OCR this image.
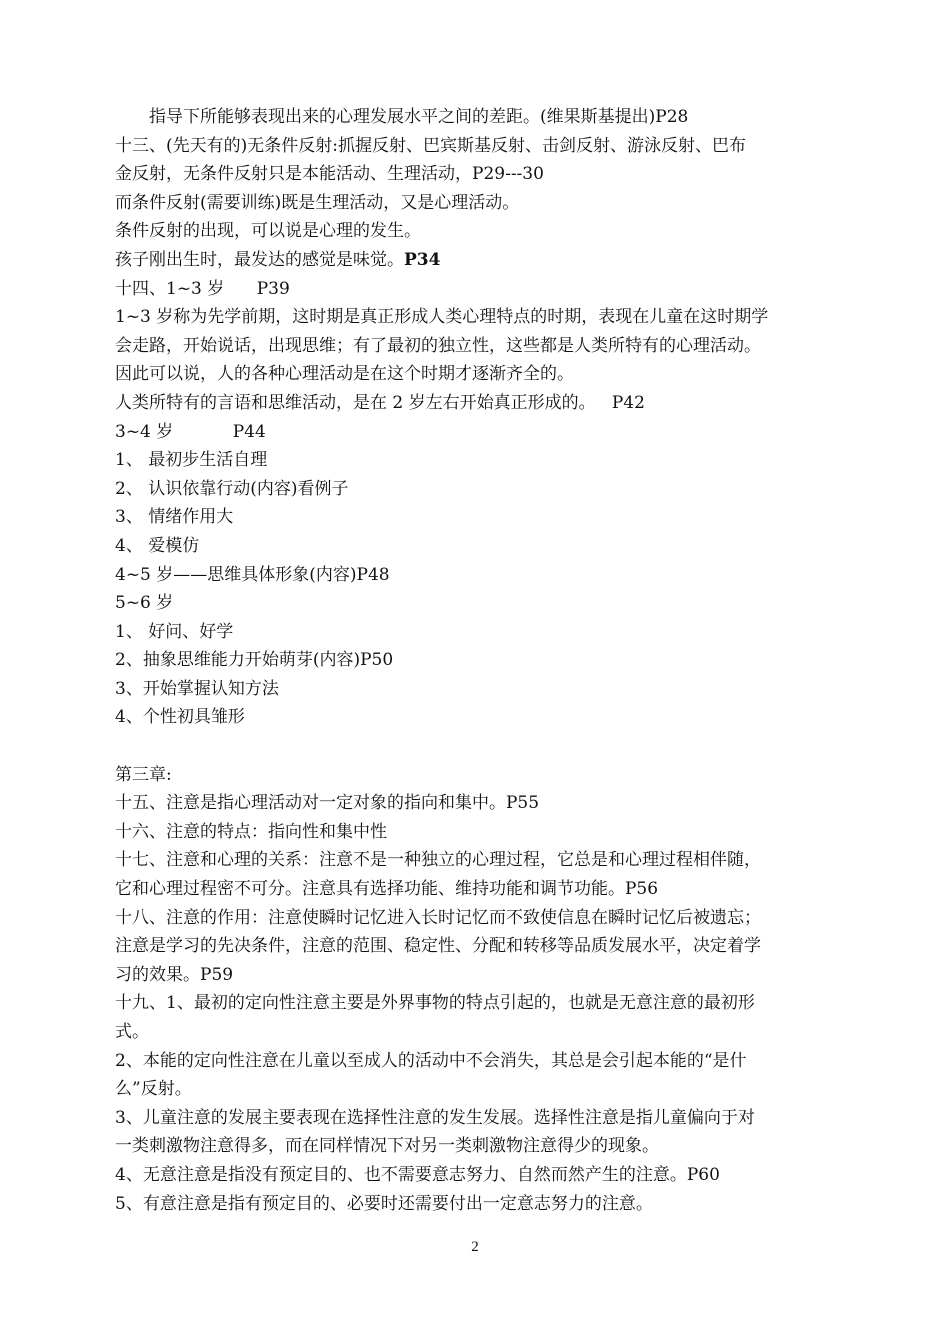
指导下所能够表现出来的心理发展水平之间的差距。(维果斯基提出)P28
十三、(先天有的)无条件反射:抓握反射、巴宾斯基反射、击剑反射、游泳反射、巴布
金反射，无条件反射只是本能活动、生理活动，P29---30
而条件反射(需要训练)既是生理活动，又是心理活动。
条件反射的出现，可以说是心理的发生。
孩子刚出生时，最发达的感觉是味觉。P34
十四、1~3 岁      P39
1~3 岁称为先学前期，这时期是真正形成人类心理特点的时期，表现在儿童在这时期学
会走路，开始说话，出现思维；有了最初的独立性，这些都是人类所特有的心理活动。
因此可以说，人的各种心理活动是在这个时期才逐渐齐全的。
人类所特有的言语和思维活动，是在 2 岁左右开始真正形成的。   P42
3~4 岁           P44
1、 最初步生活自理
2、 认识依靠行动(内容)看例子
3、 情绪作用大
4、 爱模仿
4~5 岁——思维具体形象(内容)P48
5~6 岁
1、 好问、好学
2、抽象思维能力开始萌芽(内容)P50
3、开始掌握认知方法
4、个性初具雏形
第三章:
十五、注意是指心理活动对一定对象的指向和集中。P55
十六、注意的特点：指向性和集中性
十七、注意和心理的关系：注意不是一种独立的心理过程，它总是和心理过程相伴随，
它和心理过程密不可分。注意具有选择功能、维持功能和调节功能。P56
十八、注意的作用：注意使瞬时记忆进入长时记忆而不致使信息在瞬时记忆后被遗忘；
注意是学习的先决条件，注意的范围、稳定性、分配和转移等品质发展水平，决定着学
习的效果。P59
十九、1、最初的定向性注意主要是外界事物的特点引起的，也就是无意注意的最初形
式。
2、本能的定向性注意在儿童以至成人的活动中不会消失，其总是会引起本能的“是什
么”反射。
3、儿童注意的发展主要表现在选择性注意的发生发展。选择性注意是指儿童偏向于对
一类刺激物注意得多，而在同样情况下对另一类刺激物注意得少的现象。
4、无意注意是指没有预定目的、也不需要意志努力、自然而然产生的注意。P60
5、有意注意是指有预定目的、必要时还需要付出一定意志努力的注意。
2
